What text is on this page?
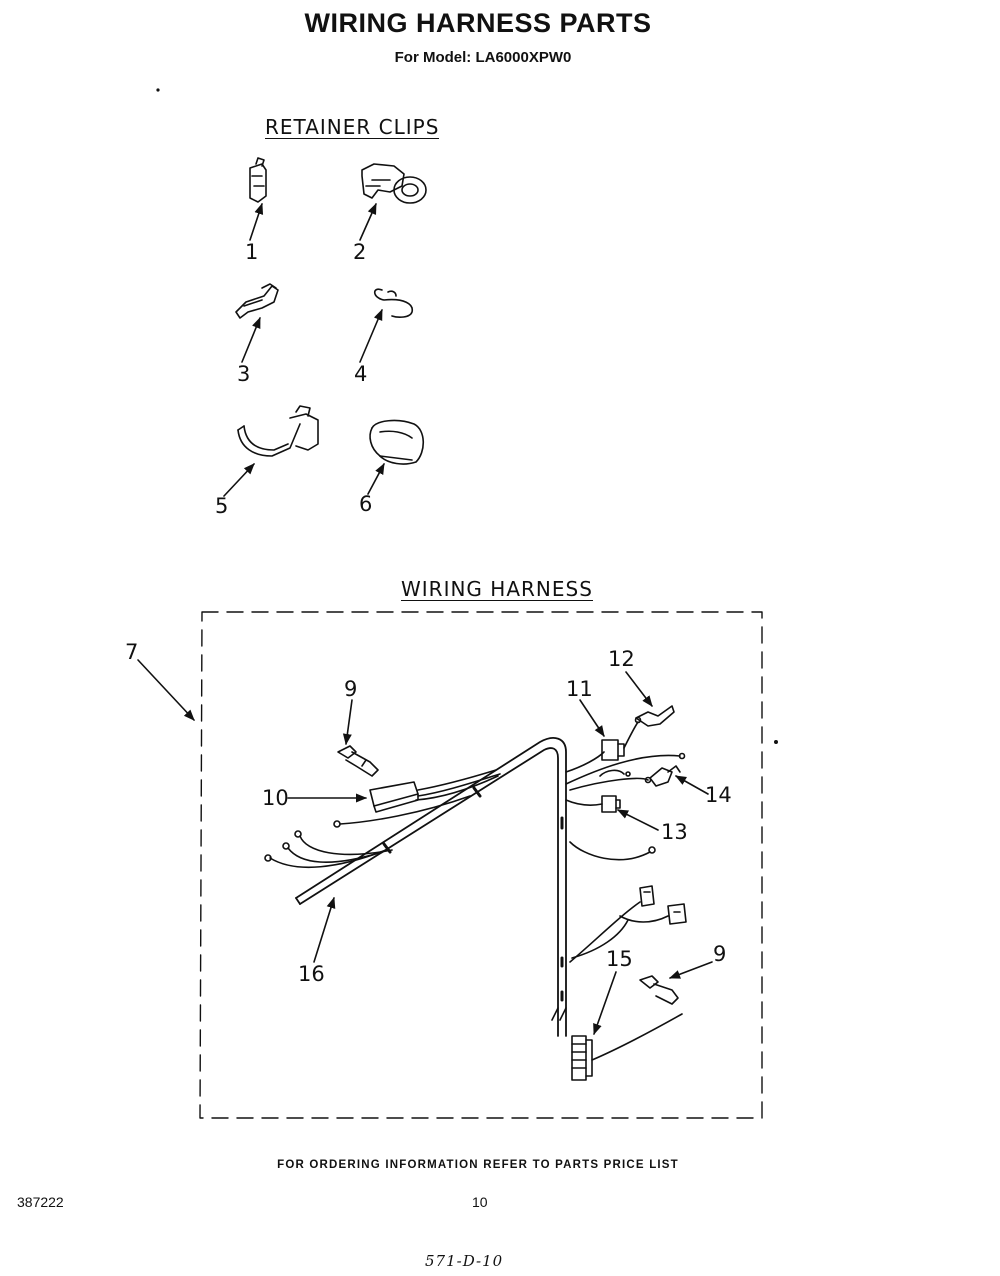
WIRING HARNESS PARTS
For Model: LA6000XPW0
RETAINER CLIPS
WIRING HARNESS
1	2
3	4
5	6
7
9
10
11
12
13
14
15
16
9
FOR ORDERING INFORMATION REFER TO PARTS PRICE LIST
387222	10
571-D-10
